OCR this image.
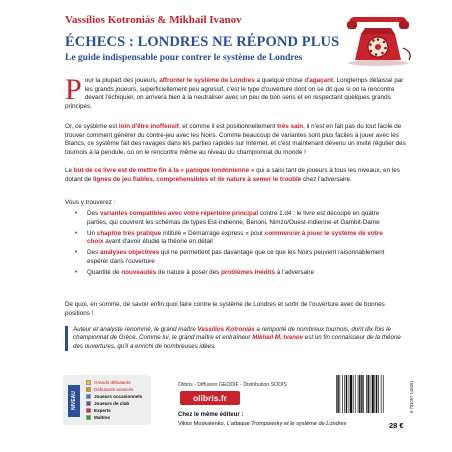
Vassílios Kotroniás & Mikhail Ivanov
ÉCHECS : LONDRES NE RÉPOND PLUS
Le guide indispensable pour contrer le système de Londres
Pour la plupart des joueurs, affronter le système de Londres a quelque chose d'agaçant. Longtemps délaissé par les grands joueurs, superficiellement peu agressif, c'est le type d'ouverture dont on se dit que si on la rencontre devant l'échiquier, on arrivera bien à la neutraliser avec un peu de bon sens et en respectant quelques grands principes.
Or, ce système est loin d'être inoffensif, et comme il est positionnellement très sain, il n'est en fait pas du tout facile de trouver comment générer du contre-jeu avec les Noirs. Comme beaucoup de variantes sont plus faciles à jouer avec les Blancs, ce système fait des ravages dans les parties rapides sur Internet, et c'est maintenant devenu un invité régulier des tournois à la pendule, où on le rencontre même au niveau du championnat du monde !
Le but de ce livre est de mettre fin à la « panique londonienne » qui a saisi tant de joueurs à tous les niveaux, en les dotant de lignes de jeu fiables, compréhensibles et de nature à semer le trouble chez l'adversaire.
Vous y trouverez :
• Des variantes compatibles avec votre répertoire principal contre 1.d4 : le livre est découpé en quatre parties, qui couvrent les schémas de types Est-indienne, Benoni, Nimzo/Ouest-indienne et Gambit-Dame
• Un chapitre très pratique intitulé « Démarrage express » pour commencer à jouer le système de votre choix avant d'avoir étudié la théorie en détail
• Des analyses objectives qui ne permettent pas davantage que ce que les Noirs peuvent raisonnablement espérer dans l'ouverture
• Quantité de nouveautés de nature à poser des problèmes inédits à l'adversaire
De quoi, en somme, de savoir enfin quoi faire contre le système de Londres et sortir de l'ouverture avec de bonnes positions !
Auteur et analyste renommé, le grand maître Vassílios Kotroniás a remporté de nombreux tournois, dont dix fois le championnat de Grèce. Comme lui, le grand maître et entraîneur Mikhail M. Ivanov est un fin connaisseur de la théorie des ouvertures, qu'il a enrichi de nombreuses idées.
NIVEAU
Grands débutants
Débutants avancés
Joueurs occasionnels
Joueurs de club
Experts
Maîtres
Olibris - Diffusion GEODIF - Distribution SODIS
olibris.fr
Chez le même éditeur :
Viktor Moskalenko, L'attaque Trompowsky et le système de Londres
9 791097 145061
28 €
